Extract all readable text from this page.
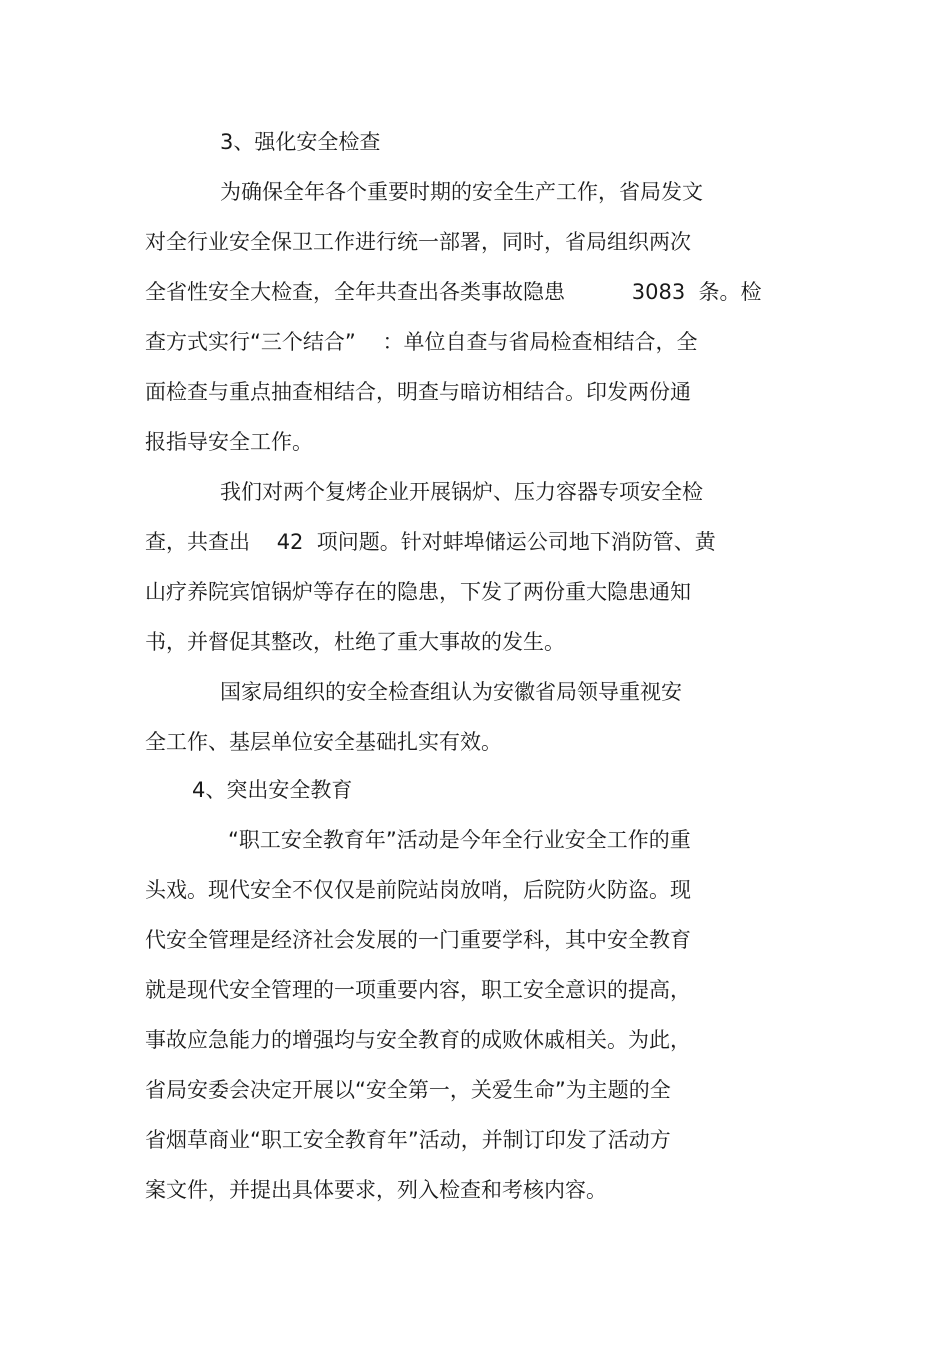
3、强化安全检查
为确保全年各个重要时期的安全生产工作，省局发文
对全行业安全保卫工作进行统一部署，同时，省局组织两次
全省性安全大检查，全年共查出各类事故隐患          3083  条。检
查方式实行“三个结合”    ：单位自查与省局检查相结合，全
面检查与重点抽查相结合，明查与暗访相结合。印发两份通
报指导安全工作。
我们对两个复烤企业开展锅炉、压力容器专项安全检
查，共查出    42  项问题。针对蚌埠储运公司地下消防管、黄
山疗养院宾馆锅炉等存在的隐患，下发了两份重大隐患通知
书，并督促其整改，杜绝了重大事故的发生。
国家局组织的安全检查组认为安徽省局领导重视安
全工作、基层单位安全基础扎实有效。
4、突出安全教育
“职工安全教育年”活动是今年全行业安全工作的重
头戏。现代安全不仅仅是前院站岗放哨，后院防火防盗。现
代安全管理是经济社会发展的一门重要学科，其中安全教育
就是现代安全管理的一项重要内容，职工安全意识的提高，
事故应急能力的增强均与安全教育的成败休戚相关。为此，
省局安委会决定开展以“安全第一，关爱生命”为主题的全
省烟草商业“职工安全教育年”活动，并制订印发了活动方
案文件，并提出具体要求，列入检查和考核内容。
